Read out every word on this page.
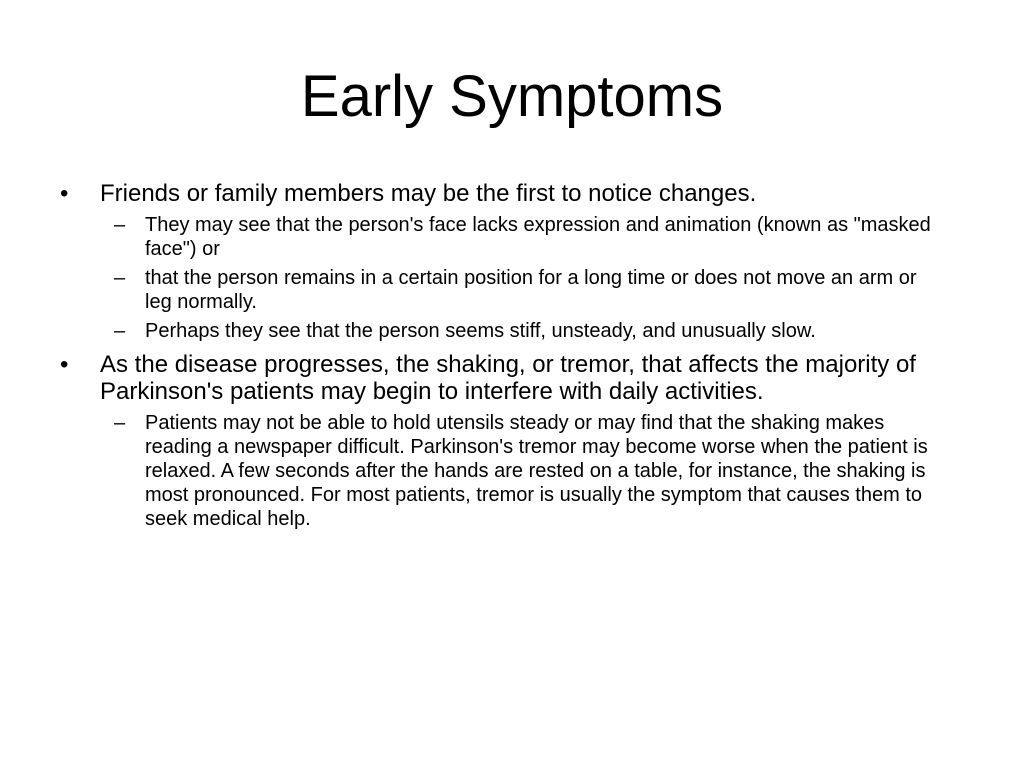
Early Symptoms
•	Friends or family members may be the first to notice changes.
– They may see that the person's face lacks expression and animation (known as "masked face") or
– that the person remains in a certain position for a long time or does not move an arm or leg normally.
– Perhaps they see that the person seems stiff, unsteady, and unusually slow.
•	As the disease progresses, the shaking, or tremor, that affects the majority of Parkinson's patients may begin to interfere with daily activities.
– Patients may not be able to hold utensils steady or may find that the shaking makes reading a newspaper difficult. Parkinson's tremor may become worse when the patient is relaxed. A few seconds after the hands are rested on a table, for instance, the shaking is most pronounced. For most patients, tremor is usually the symptom that causes them to seek medical help.
